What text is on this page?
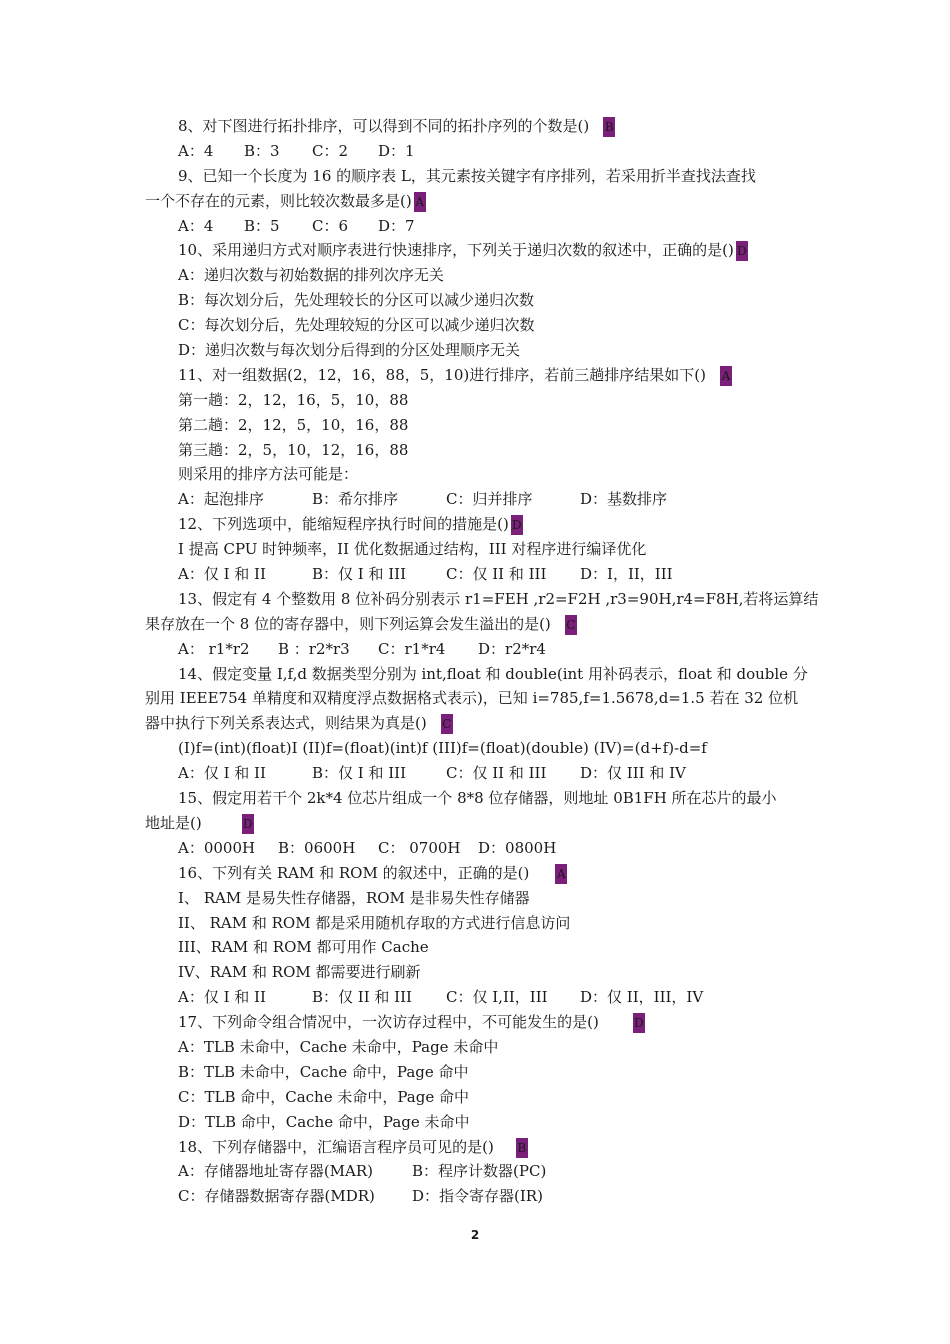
8、对下图进行拓扑排序，可以得到不同的拓扑序列的个数是() B
A：4 B：3 C：2 D：1
9、已知一个长度为 16 的顺序表 L，其元素按关键字有序排列，若采用折半查找法查找
一个不存在的元素，则比较次数最多是() A
A：4 B：5 C：6 D：7
10、采用递归方式对顺序表进行快速排序，下列关于递归次数的叙述中，正确的是() D
A：递归次数与初始数据的排列次序无关
B：每次划分后，先处理较长的分区可以减少递归次数
C：每次划分后，先处理较短的分区可以减少递归次数
D：递归次数与每次划分后得到的分区处理顺序无关
11、对一组数据(2，12，16，88，5，10)进行排序，若前三趟排序结果如下() A
第一趟：2，12，16，5，10，88
第二趟：2，12，5，10，16，88
第三趟：2，5，10，12，16，88
则采用的排序方法可能是：
A：起泡排序	B：希尔排序	C：归并排序	D：基数排序
12、下列选项中，能缩短程序执行时间的措施是() D
I 提高 CPU 时钟频率，II 优化数据通过结构，III 对程序进行编译优化
A：仅 I 和 II	B：仅 I 和 III	C：仅 II 和 III D：I，II，III
13、假定有 4 个整数用 8 位补码分别表示 r1=FEH ,r2=F2H ,r3=90H,r4=F8H,若将运算结
果存放在一个 8 位的寄存器中，则下列运算会发生溢出的是() C
A： r1*r2 B ：r2*r3 C：r1*r4 D：r2*r4
14、假定变量 I,f,d 数据类型分别为 int,float 和 double(int 用补码表示，float 和 double 分
别用 IEEE754 单精度和双精度浮点数据格式表示)，已知 i=785,f=1.5678,d=1.5 若在 32 位机
器中执行下列关系表达式，则结果为真是() C
(I)f=(int)(float)I (II)f=(float)(int)f (III)f=(float)(double) (IV)=(d+f)-d=f
A：仅 I 和 II	B：仅 I 和 III	C：仅 II 和 III D：仅 III 和 IV
15、假定用若干个 2k*4 位芯片组成一个 8*8 位存储器，则地址 0B1FH 所在芯片的最小
地址是()	D
A：0000H B：0600H C： 0700H D：0800H
16、下列有关 RAM 和 ROM 的叙述中，正确的是() A
I、 RAM 是易失性存储器，ROM 是非易失性存储器
II、 RAM 和 ROM 都是采用随机存取的方式进行信息访问
III、RAM 和 ROM 都可用作 Cache
IV、RAM 和 ROM 都需要进行刷新
A：仅 I 和 II	B：仅 II 和 III C：仅 I,II，III D：仅 II，III，IV
17、下列命令组合情况中，一次访存过程中，不可能发生的是()	D
A：TLB 未命中，Cache 未命中，Page 未命中
B：TLB 未命中，Cache 命中，Page 命中
C：TLB 命中，Cache 未命中，Page 命中
D：TLB 命中，Cache 命中，Page 未命中
18、下列存储器中，汇编语言程序员可见的是() B
A：存储器地址寄存器(MAR)	B：程序计数器(PC)
C：存储器数据寄存器(MDR) D：指令寄存器(IR)
2
